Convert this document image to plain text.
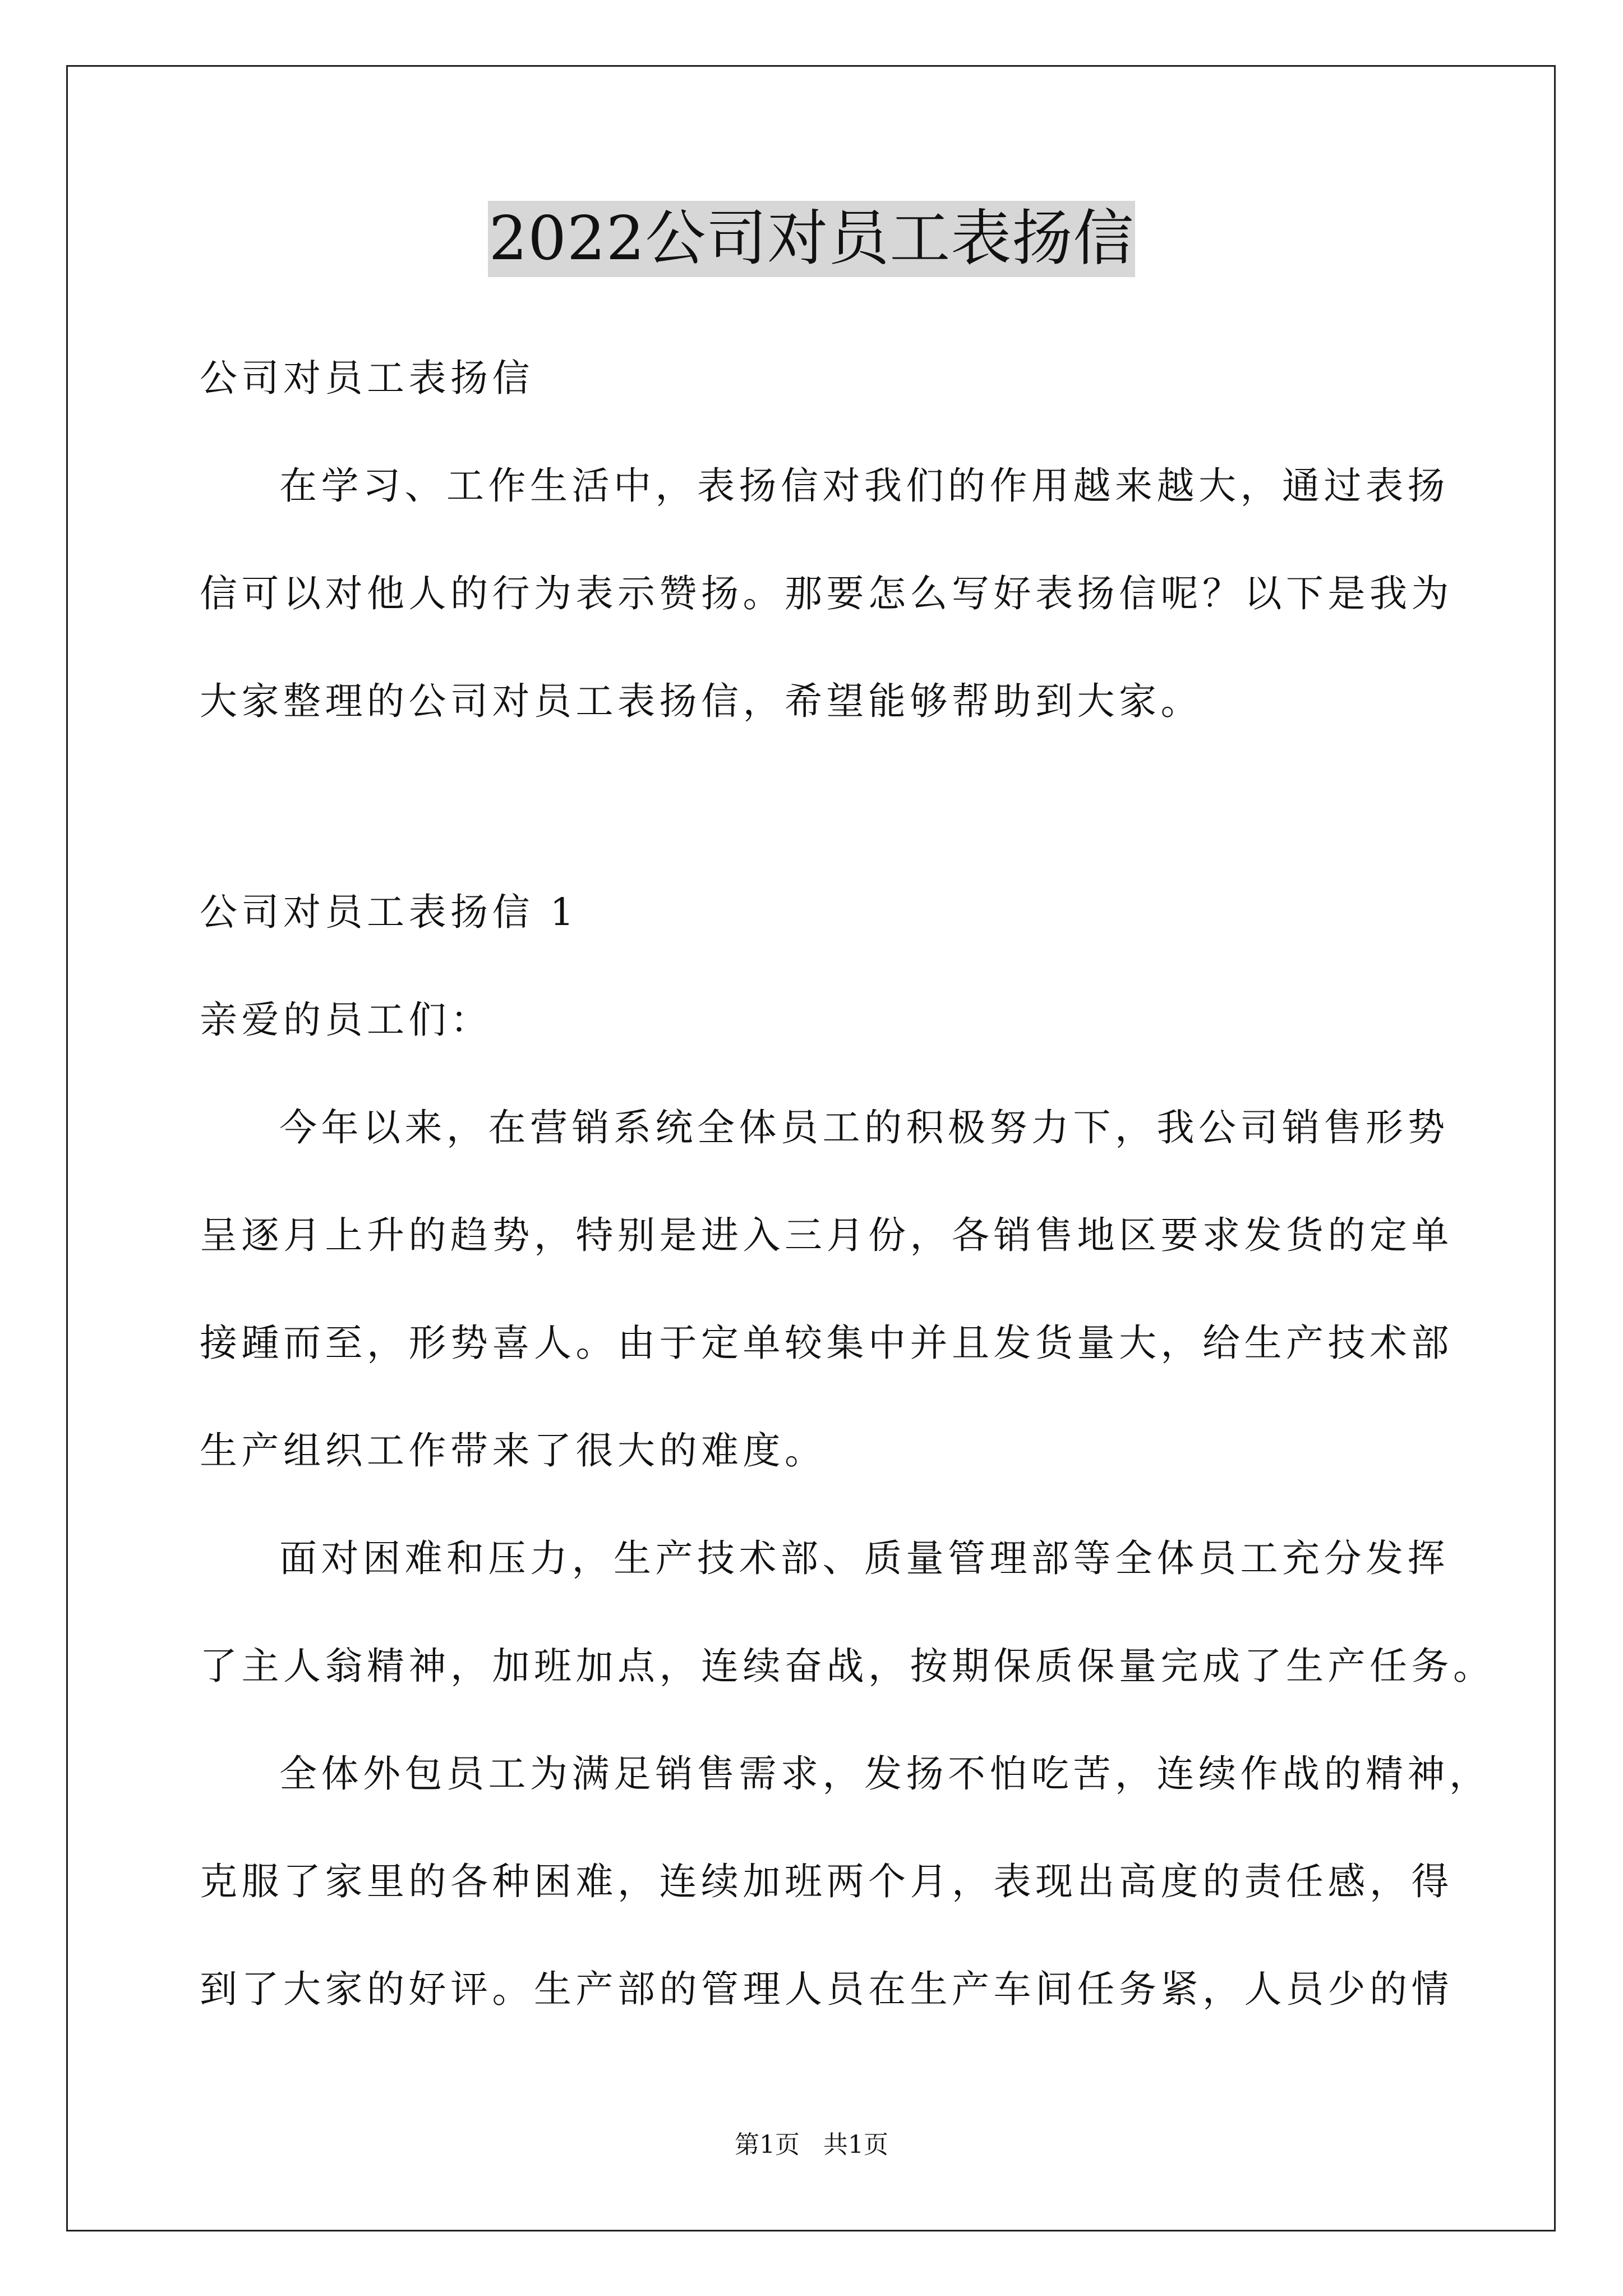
2022公司对员工表扬信
公司对员工表扬信
在学习、工作生活中，表扬信对我们的作用越来越大，通过表扬
信可以对他人的行为表示赞扬。那要怎么写好表扬信呢？以下是我为
大家整理的公司对员工表扬信，希望能够帮助到大家。
公司对员工表扬信 1
亲爱的员工们：
今年以来，在营销系统全体员工的积极努力下，我公司销售形势
呈逐月上升的趋势，特别是进入三月份，各销售地区要求发货的定单
接踵而至，形势喜人。由于定单较集中并且发货量大，给生产技术部
生产组织工作带来了很大的难度。
面对困难和压力，生产技术部、质量管理部等全体员工充分发挥
了主人翁精神，加班加点，连续奋战，按期保质保量完成了生产任务。
全体外包员工为满足销售需求，发扬不怕吃苦，连续作战的精神，
克服了家里的各种困难，连续加班两个月，表现出高度的责任感，得
到了大家的好评。生产部的管理人员在生产车间任务紧，人员少的情
第1页   共1页
